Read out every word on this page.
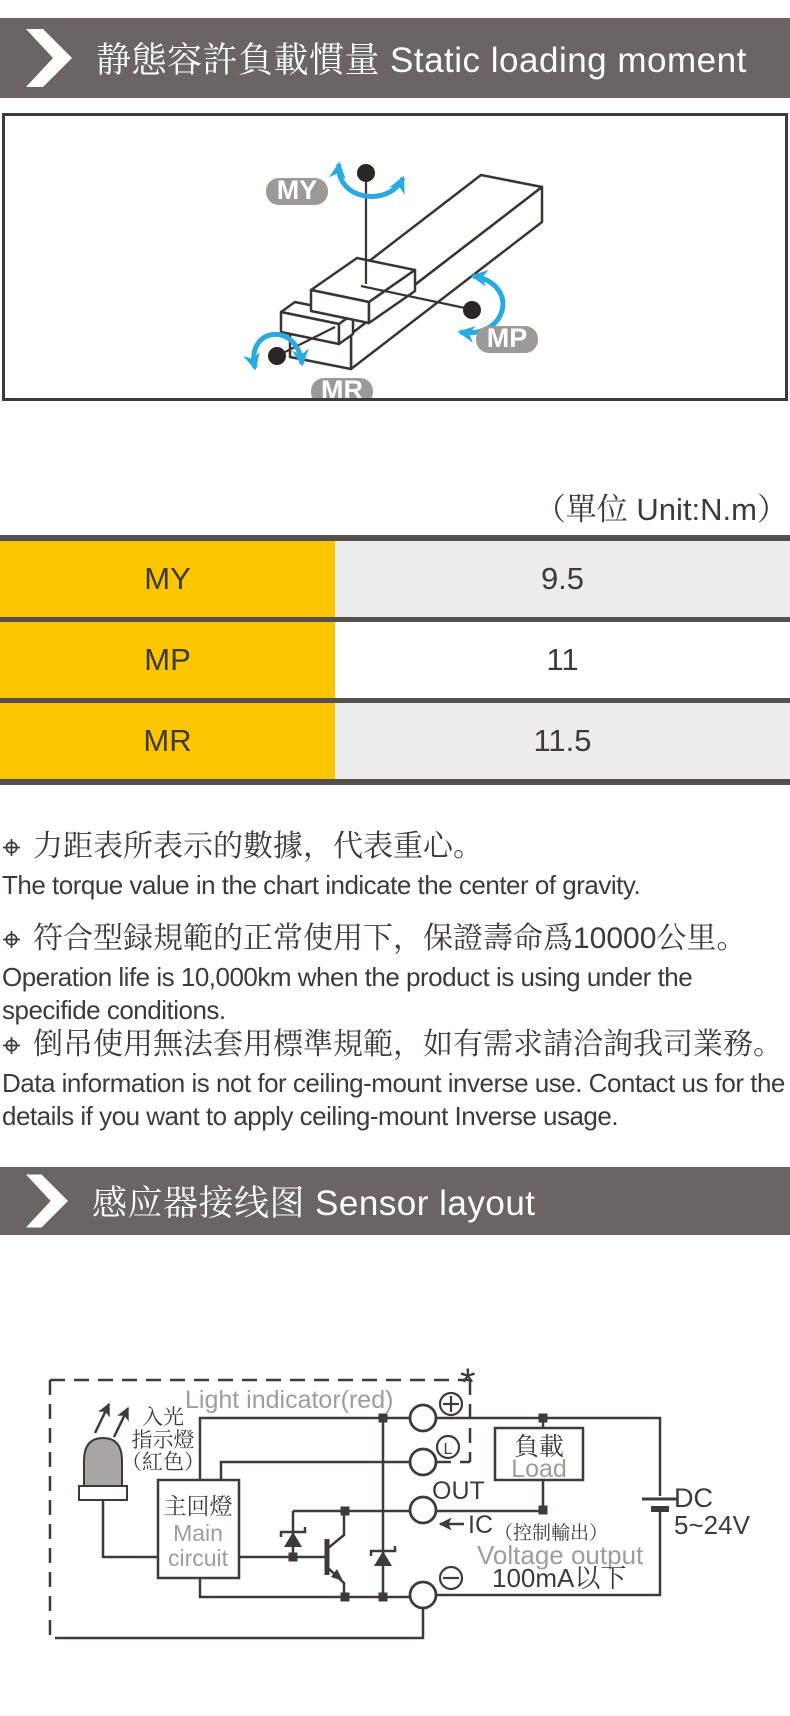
静態容許負載慣量 Static loading moment
MY
MP
MR
（單位 Unit:N.m）
MY	9.5
MP	11
MR	11.5
力距表所表示的數據，代表重心。
The torque value in the chart indicate the center of gravity.
符合型録規範的正常使用下，保證壽命爲10000公里。
Operation life is 10,000km when the product is using under the specifide conditions.
倒吊使用無法套用標準規範，如有需求請洽詢我司業務。
Data information is not for ceiling-mount inverse use. Contact us for the details if you want to apply ceiling-mount Inverse usage.
感应器接线图 Sensor layout
DC
5~24V
負載
Load
主回燈
Main
circuit
入光
指示燈
（紅色）
Light indicator(red) *
L
OUT
IC （控制輸出）
Voltage output
100mA以下
